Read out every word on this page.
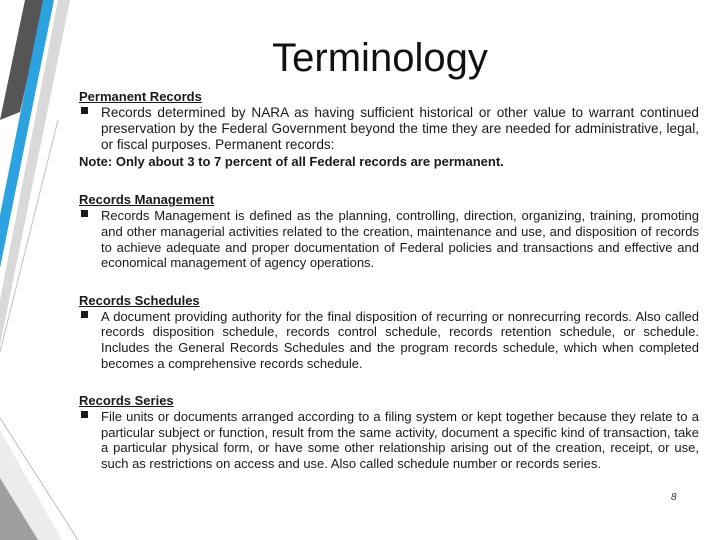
Terminology
Permanent Records
Records determined by NARA as having sufficient historical or other value to warrant continued preservation by the Federal Government beyond the time they are needed for administrative, legal, or fiscal purposes. Permanent records:
Note: Only about 3 to 7 percent of all Federal records are permanent.
Records Management
Records Management is defined as the planning, controlling, direction, organizing, training, promoting and other managerial activities related to the creation, maintenance and use, and disposition of records to achieve adequate and proper documentation of Federal policies and transactions and effective and economical management of agency operations.
Records Schedules
A document providing authority for the final disposition of recurring or nonrecurring records. Also called records disposition schedule, records control schedule, records retention schedule, or schedule. Includes the General Records Schedules and the program records schedule, which when completed becomes a comprehensive records schedule.
Records Series
File units or documents arranged according to a filing system or kept together because they relate to a particular subject or function, result from the same activity, document a specific kind of transaction, take a particular physical form, or have some other relationship arising out of the creation, receipt, or use, such as restrictions on access and use. Also called schedule number or records series.
8
